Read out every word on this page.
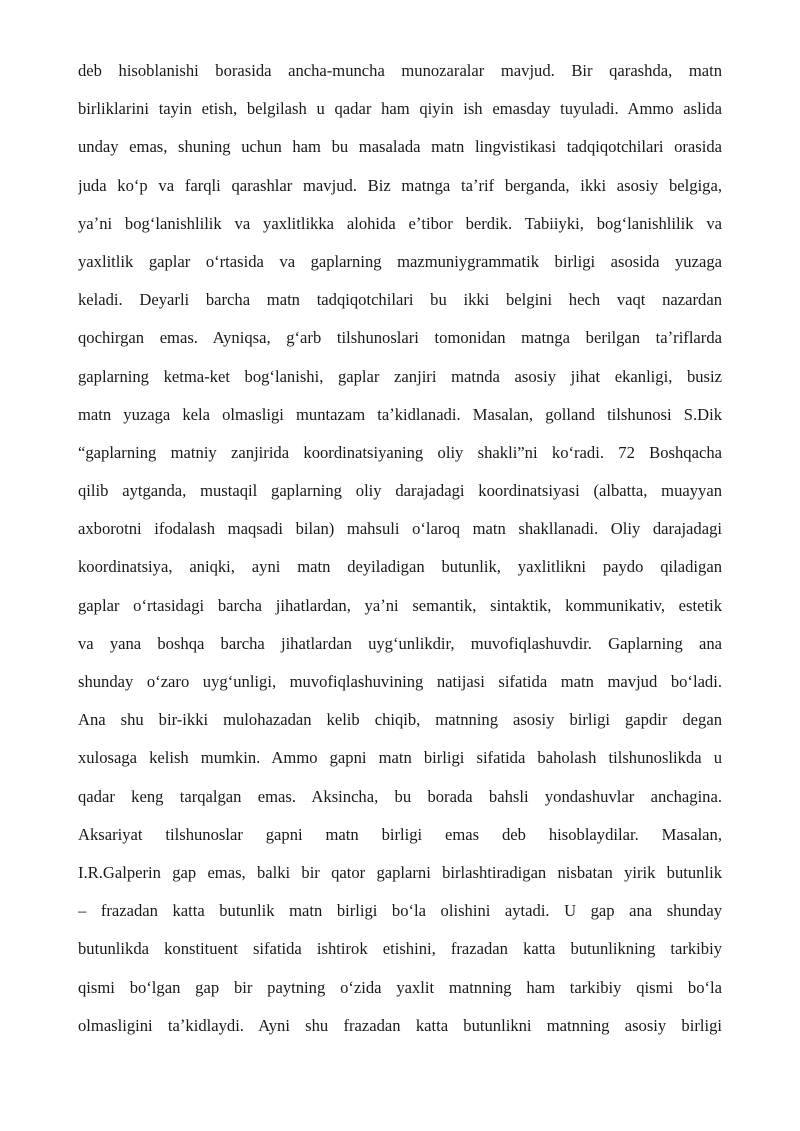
deb hisoblanishi borasida ancha-muncha munozaralar mavjud. Bir qarashda, matn
birliklarini tayin etish, belgilash u qadar ham qiyin ish emasday tuyuladi. Ammo aslida
unday emas, shuning uchun ham bu masalada matn lingvistikasi tadqiqotchilari orasida
juda koʻp va farqli qarashlar mavjud. Biz matnga taʼrif berganda, ikki asosiy belgiga,
yaʼni bogʻlanishlilik va yaxlitlikka alohida eʼtibor berdik. Tabiiyki, bogʻlanishlilik va
yaxlitlik gaplar oʻrtasida va gaplarning mazmuniygrammatik birligi asosida yuzaga
keladi. Deyarli barcha matn tadqiqotchilari bu ikki belgini hech vaqt nazardan
qochirgan emas. Ayniqsa, gʻarb tilshunoslari tomonidan matnga berilgan taʼriflarda
gaplarning ketma-ket bogʻlanishi, gaplar zanjiri matnda asosiy jihat ekanligi, busiz
matn yuzaga kela olmasligi muntazam taʼkidlanadi. Masalan, golland tilshunosi S.Dik
“gaplarning matniy zanjirida koordinatsiyaning oliy shakli”ni koʻradi. 72 Boshqacha
qilib aytganda, mustaqil gaplarning oliy darajadagi koordinatsiyasi (albatta, muayyan
axborotni ifodalash maqsadi bilan) mahsuli oʻlaroq matn shakllanadi. Oliy darajadagi
koordinatsiya, aniqki, ayni matn deyiladigan butunlik, yaxlitlikni paydo qiladigan
gaplar oʻrtasidagi barcha jihatlardan, yaʼni semantik, sintaktik, kommunikativ, estetik
va yana boshqa barcha jihatlardan uygʻunlikdir, muvofiqlashuvdir. Gaplarning ana
shunday oʻzaro uygʻunligi, muvofiqlashuvining natijasi sifatida matn mavjud boʻladi.
Ana shu bir-ikki mulohazadan kelib chiqib, matnning asosiy birligi gapdir degan
xulosaga kelish mumkin. Ammo gapni matn birligi sifatida baholash tilshunoslikda u
qadar keng tarqalgan emas. Aksincha, bu borada bahsli yondashuvlar anchagina.
Aksariyat tilshunoslar gapni matn birligi emas deb hisoblaydilar. Masalan,
I.R.Galperin gap emas, balki bir qator gaplarni birlashtiradigan nisbatan yirik butunlik
– frazadan katta butunlik matn birligi boʻla olishini aytadi. U gap ana shunday
butunlikda konstituent sifatida ishtirok etishini, frazadan katta butunlikning tarkibiy
qismi boʻlgan gap bir paytning oʻzida yaxlit matnning ham tarkibiy qismi boʻla
olmasligini taʼkidlaydi. Ayni shu frazadan katta butunlikni matnning asosiy birligi
